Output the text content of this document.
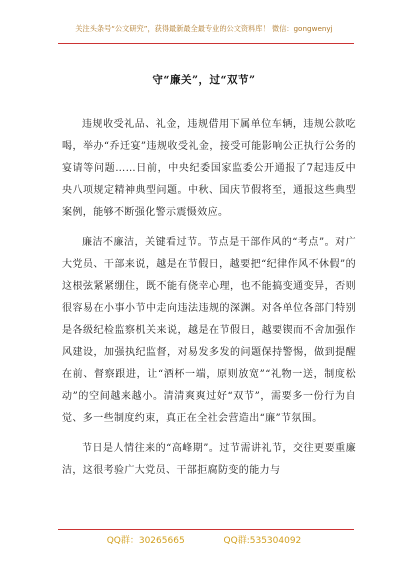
关注头条号“公文研究”，获得最新最全最专业的公文资料库！ 微信：gongwenyj
守“廉关”，过“双节”

违规收受礼品、礼金，违规借用下属单位车辆，违规公款吃喝，举办“乔迁宴”违规收受礼金，接受可能影响公正执行公务的宴请等问题……日前，中央纪委国家监委公开通报了7起违反中央八项规定精神典型问题。中秋、国庆节假将至，通报这些典型案例，能够不断强化警示震慑效应。

廉洁不廉洁，关键看过节。节点是干部作风的“考点”。对广大党员、干部来说，越是在节假日，越要把“纪律作风不休假”的这根弦紧紧绷住，既不能有侥幸心理，也不能搞变通变异，否则很容易在小事小节中走向违法违规的深渊。对各单位各部门特别是各级纪检监察机关来说，越是在节假日，越要锲而不舍加强作风建设，加强执纪监督，对易发多发的问题保持警惕，做到提醒在前、督察跟进，让“酒杯一端，原则放宽”“礼物一送，制度松动”的空间越来越小。清清爽爽过好“双节”，需要多一份行为自觉、多一些制度约束，真正在全社会营造出“廉”节氛围。

节日是人情往来的“高峰期”。过节需讲礼节，交往更要重廉洁，这很考验广大党员、干部拒腐防变的能力与

QQ群：30265665	QQ群:535304092
